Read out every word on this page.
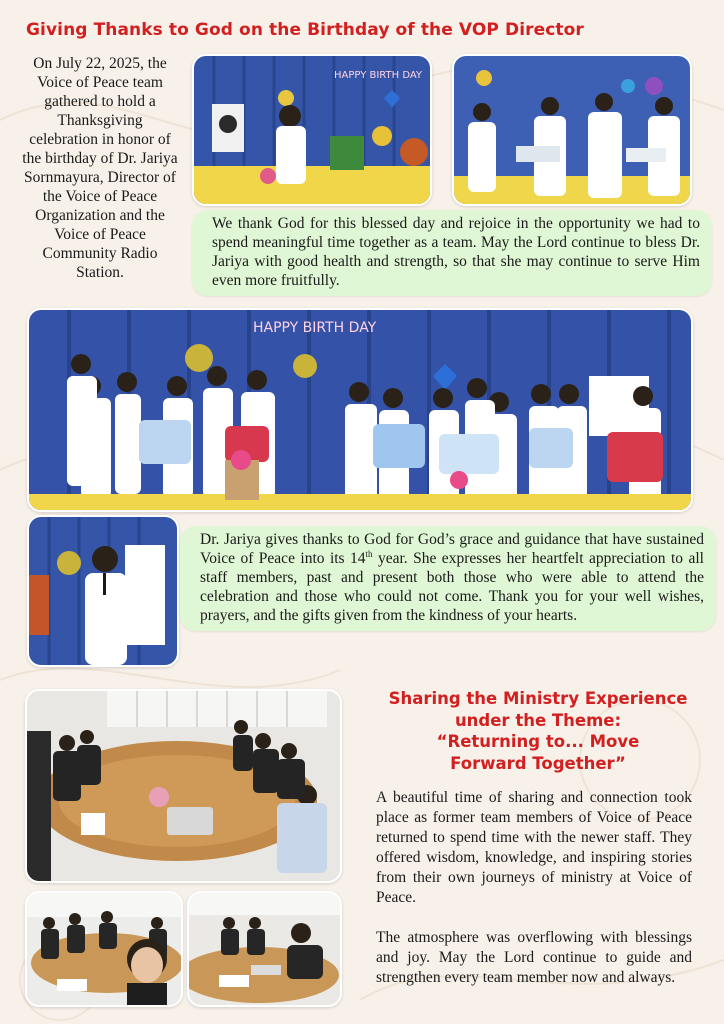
Giving Thanks to God on the Birthday of the VOP Director
On July 22, 2025, the Voice of Peace team gathered to hold a Thanksgiving celebration in honor of the birthday of Dr. Jariya Sornmayura, Director of the Voice of Peace Organization and the Voice of Peace Community Radio Station.
HAPPY BIRTH DAY
We thank God for this blessed day and rejoice in the opportunity we had to spend meaningful time together as a team. May the Lord continue to bless Dr. Jariya with good health and strength, so that she may continue to serve Him even more fruitfully.
HAPPY BIRTH DAY
Dr. Jariya gives thanks to God for God’s grace and guidance that have sustained Voice of Peace into its 14th year. She expresses her heartfelt appreciation to all staff members, past and present both those who were able to attend the celebration and those who could not come. Thank you for your well wishes, prayers, and the gifts given from the kindness of your hearts.
Sharing the Ministry Experience
under the Theme:
“Returning to... Move
Forward Together”
A beautiful time of sharing and connection took place as former team members of Voice of Peace returned to spend time with the newer staff. They offered wisdom, knowledge, and inspiring stories from their own journeys of ministry at Voice of Peace.
The atmosphere was overflowing with blessings and joy. May the Lord continue to guide and strengthen every team member now and always.
